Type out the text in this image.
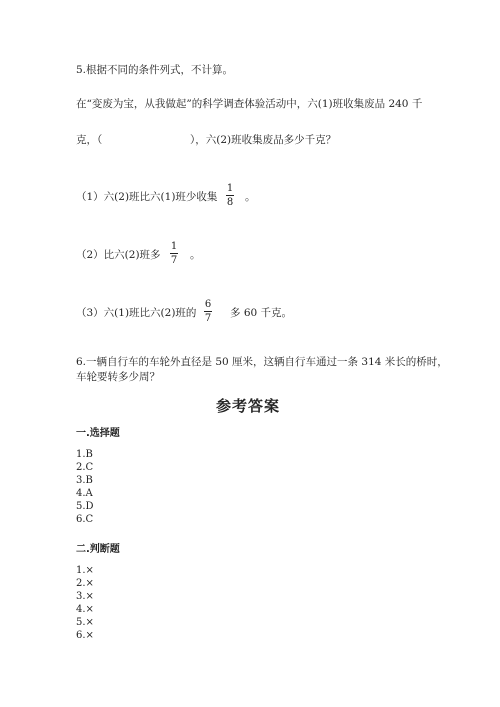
5.根据不同的条件列式，不计算。
在“变废为宝，从我做起”的科学调查体验活动中，六(1)班收集废品 240 千
克，（	），六(2)班收集废品多少千克？
（1）六(2)班比六(1)班少收集
1
8 。
（2）比六(2)班多
1
7 。
（3）六(1)班比六(2)班的
6
7 多 60 千克。
6.一辆自行车的车轮外直径是 50 厘米，这辆自行车通过一条 314 米长的桥时，
车轮要转多少周？
参考答案
一.选择题
1.B
2.C
3.B
4.A
5.D
6.C
二.判断题
1.×
2.×
3.×
4.×
5.×
6.×
